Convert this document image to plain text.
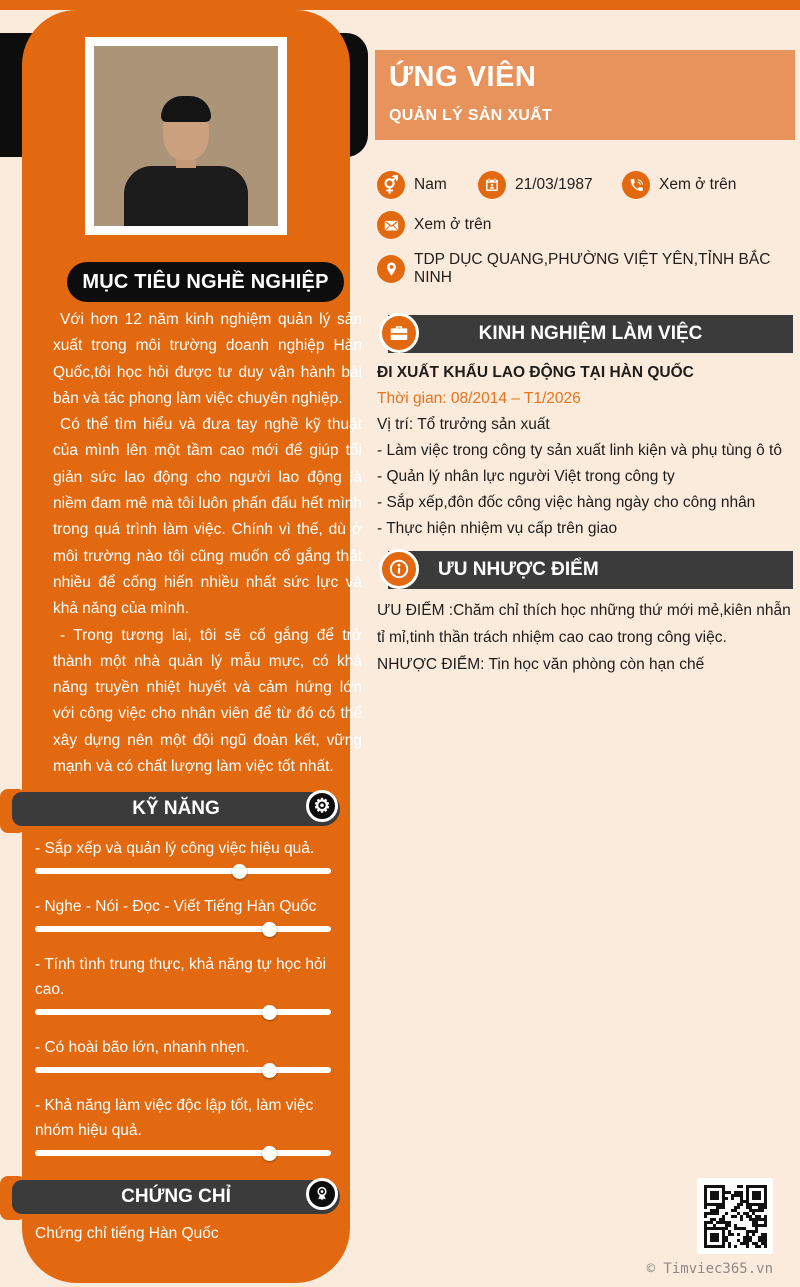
MỤC TIÊU NGHỀ NGHIỆP

Với hơn 12 năm kinh nghiệm quản lý sản xuất trong môi trường doanh nghiệp Hàn Quốc,tôi học hỏi được tư duy vận hành bài bản và tác phong làm việc chuyên nghiệp.

Có thể tìm hiểu và đưa tay nghề kỹ thuật của mình lên một tầm cao mới để giúp tối giản sức lao động cho người lao động là niềm đam mê mà tôi luôn phấn đấu hết mình trong quá trình làm việc. Chính vì thế, dù ở môi trường nào tôi cũng muốn cố gắng thật nhiều để cống hiến nhiều nhất sức lực và khả năng của mình.

- Trong tương lai, tôi sẽ cố gắng để trở thành một nhà quản lý mẫu mực, có khả năng truyền nhiệt huyết và cảm hứng lớn với công việc cho nhân viên để từ đó có thể xây dựng nên một đội ngũ đoàn kết, vững mạnh và có chất lượng làm việc tốt nhất.

KỸ NĂNG	⚙
- Sắp xếp và quản lý công việc hiệu quả.
- Nghe - Nói - Đọc - Viết Tiếng Hàn Quốc
- Tính tình trung thực, khả năng tự học hỏi cao.
- Có hoài bão lớn, nhanh nhẹn.
- Khả năng làm việc độc lập tốt, làm việc nhóm hiệu quả.
CHỨNG CHỈ
Chứng chỉ tiếng Hàn Quốc
ỨNG VIÊN
QUẢN LÝ SẢN XUẤT
⚥ Nam	21/03/1987	Xem ở trên
Xem ở trên
TDP DỤC QUANG,PHƯỜNG VIỆT YÊN,TỈNH BẮC NINH
KINH NGHIỆM LÀM VIỆC

ĐI XUẤT KHẨU LAO ĐỘNG TẠI HÀN QUỐC

Thời gian: 08/2014 – T1/2026

Vị trí: Tổ trưởng sản xuất

- Làm việc trong công ty sản xuất linh kiện và phụ tùng ô tô

- Quản lý nhân lực người Việt trong công ty

- Sắp xếp,đôn đốc công việc hàng ngày cho công nhân

- Thực hiện nhiệm vụ cấp trên giao

ƯU NHƯỢC ĐIỂM

ƯU ĐIỂM :Chăm chỉ thích học những thứ mới mẻ,kiên nhẫn tỉ mỉ,tinh thần trách nhiệm cao cao trong công việc.

NHƯỢC ĐIỂM: Tin học văn phòng còn hạn chế

© Timviec365.vn
